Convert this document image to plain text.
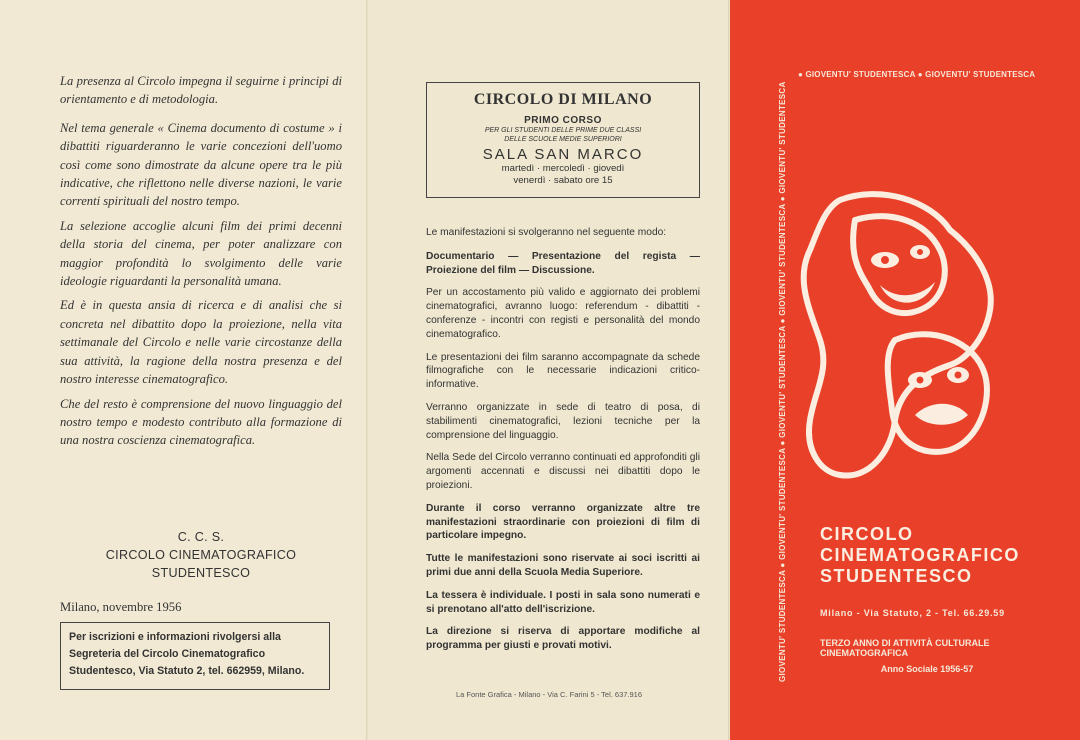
La presenza al Circolo impegna il seguirne i principi di orientamento e di metodologia.

Nel tema generale « Cinema documento di costume » i dibattiti riguarderanno le varie concezioni dell'uomo così come sono dimostrate da alcune opere tra le più indicative, che riflettono nelle diverse nazioni, le varie correnti spirituali del nostro tempo.

La selezione accoglie alcuni film dei primi decenni della storia del cinema, per poter analizzare con maggior profondità lo svolgimento delle varie ideologie riguardanti la personalità umana.

Ed è in questa ansia di ricerca e di analisi che si concreta nel dibattito dopo la proiezione, nella vita settimanale del Circolo e nelle varie circostanze della sua attività, la ragione della nostra presenza e del nostro interesse cinematografico.

Che del resto è comprensione del nuovo linguaggio del nostro tempo e modesto contributo alla formazione di una nostra coscienza cinematografica.

C. C. S.
CIRCOLO CINEMATOGRAFICO
STUDENTESCO
Milano, novembre 1956
Per iscrizioni e informazioni rivolgersi alla Segreteria del Circolo Cinematografico Studentesco, Via Statuto 2, tel. 662959, Milano.
CIRCOLO DI MILANO
PRIMO CORSO
PER GLI STUDENTI DELLE PRIME DUE CLASSI DELLE SCUOLE MEDIE SUPERIORI
SALA SAN MARCO
martedì · mercoledì · giovedì
venerdì · sabato ore 15

Le manifestazioni si svolgeranno nel seguente modo:

Documentario — Presentazione del regista — Proiezione del film — Discussione.

Per un accostamento più valido e aggiornato dei problemi cinematografici, avranno luogo: referendum - dibattiti - conferenze - incontri con registi e personalità del mondo cinematografico.

Le presentazioni dei film saranno accompagnate da schede filmografiche con le necessarie indicazioni critico-informative.

Verranno organizzate in sede di teatro di posa, di stabilimenti cinematografici, lezioni tecniche per la comprensione del linguaggio.

Nella Sede del Circolo verranno continuati ed approfonditi gli argomenti accennati e discussi nei dibattiti dopo le proiezioni.

Durante il corso verranno organizzate altre tre manifestazioni straordinarie con proiezioni di film di particolare impegno.

Tutte le manifestazioni sono riservate ai soci iscritti ai primi due anni della Scuola Media Superiore.

La tessera è individuale. I posti in sala sono numerati e si prenotano all'atto dell'iscrizione.

La direzione si riserva di apportare modifiche al programma per giusti e provati motivi.

La Fonte Grafica - Milano - Via C. Farini 5 - Tel. 637.916
● GIOVENTU' STUDENTESCA ● GIOVENTU' STUDENTESCA
GIOVENTU' STUDENTESCA ● GIOVENTU' STUDENTESCA ● GIOVENTU' STUDENTESCA ● GIOVENTU' STUDENTESCA ● GIOVENTU' STUDENTESCA CIRCOLO
CINEMATOGRAFICO
STUDENTESCO
Milano - Via Statuto, 2 - Tel. 66.29.59
TERZO ANNO DI ATTIVITÀ CULTURALE CINEMATOGRAFICA
Anno Sociale 1956-57
